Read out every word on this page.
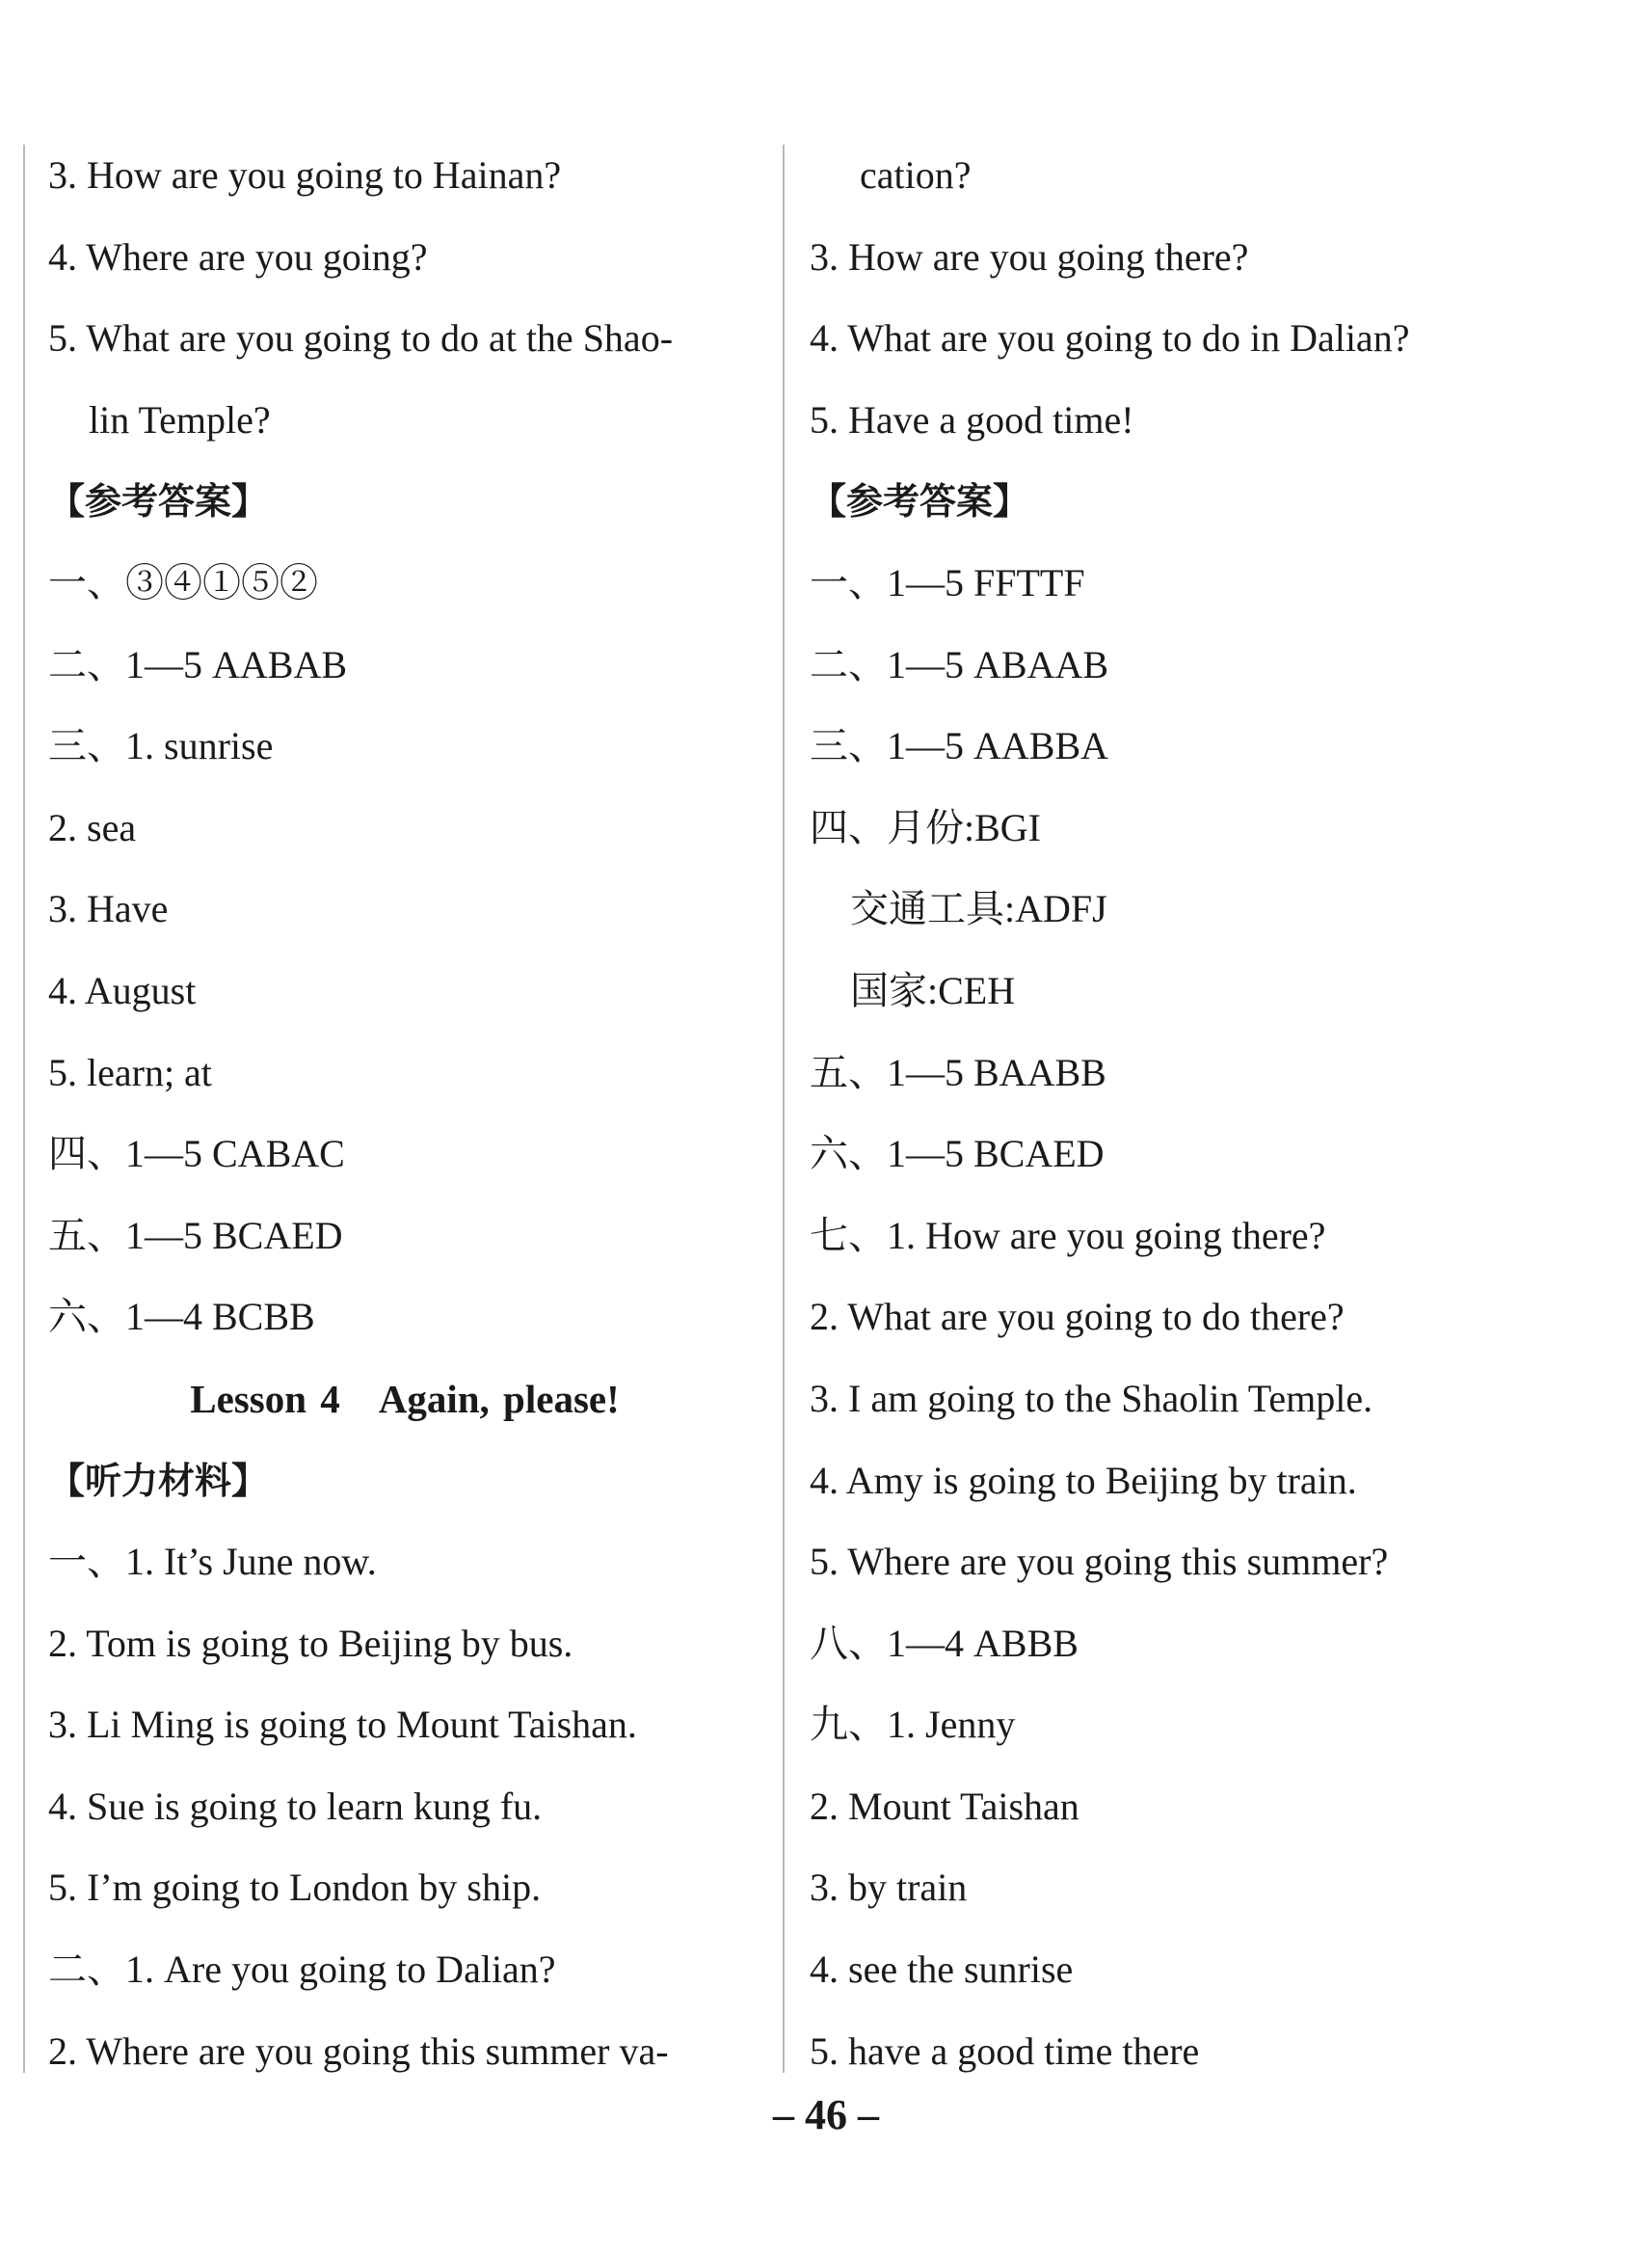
3. How are you going to Hainan?
4. Where are you going?
5. What are you going to do at the Shao-
lin Temple?
【参考答案】
一、③④①⑤②
二、1—5 AABAB
三、1. sunrise
2. sea
3. Have
4. August
5. learn; at
四、1—5 CABAC
五、1—5 BCAED
六、1—4 BCBB
Lesson 4 Again, please!
【听力材料】
一、1. It’s June now.
2. Tom is going to Beijing by bus.
3. Li Ming is going to Mount Taishan.
4. Sue is going to learn kung fu.
5. I’m going to London by ship.
二、1. Are you going to Dalian?
2. Where are you going this summer va-
cation?
3. How are you going there?
4. What are you going to do in Dalian?
5. Have a good time!
【参考答案】
一、1—5 FFTTF
二、1—5 ABAAB
三、1—5 AABBA
四、月份:BGI
交通工具:ADFJ
国家:CEH
五、1—5 BAABB
六、1—5 BCAED
七、1. How are you going there?
2. What are you going to do there?
3. I am going to the Shaolin Temple.
4. Amy is going to Beijing by train.
5. Where are you going this summer?
八、1—4 ABBB
九、1. Jenny
2. Mount Taishan
3. by train
4. see the sunrise
5. have a good time there
– 46 –
